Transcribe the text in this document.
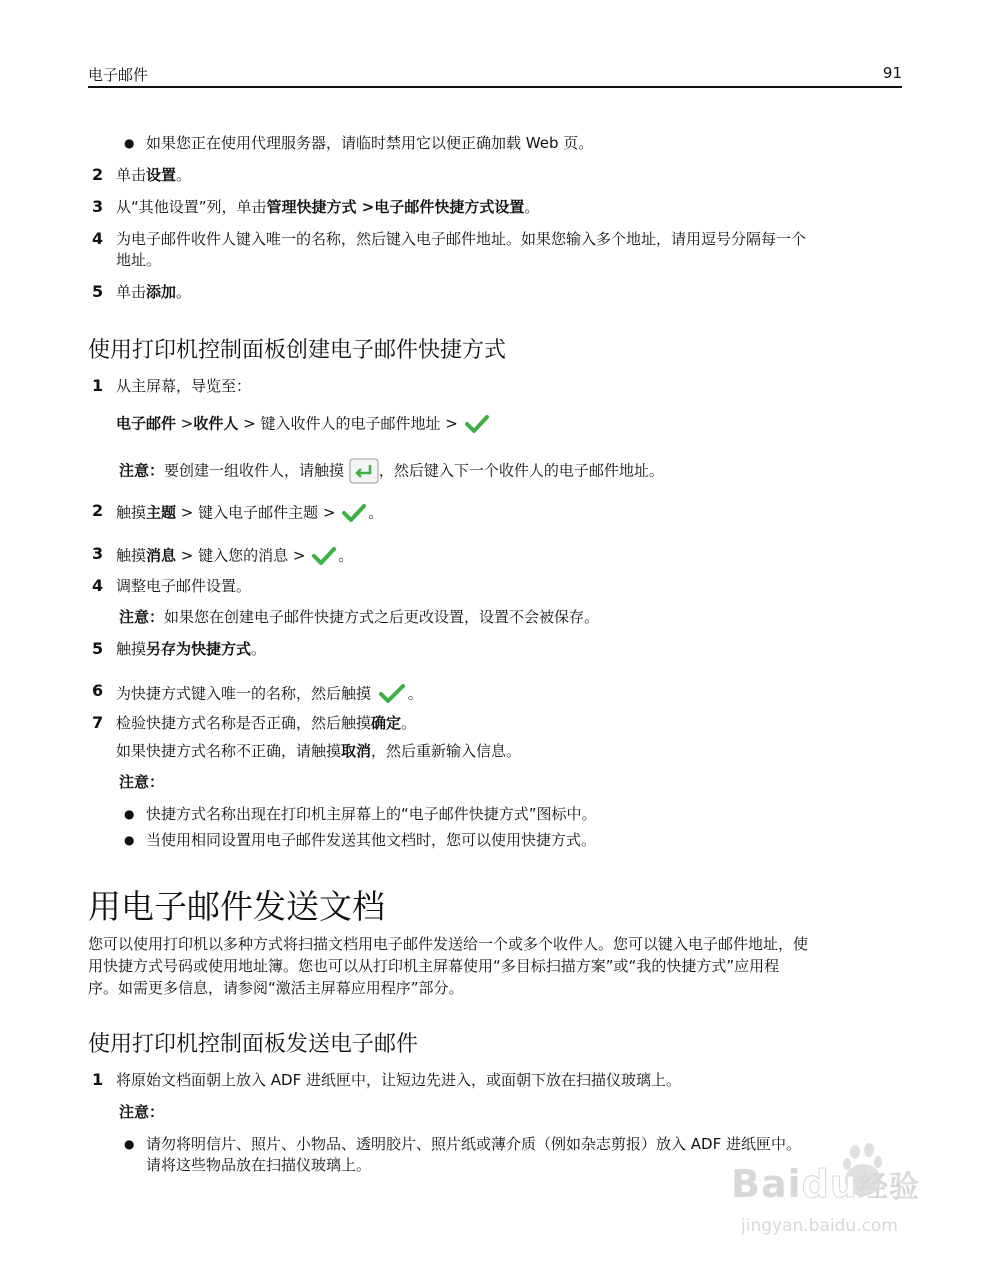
电子邮件	91
● 如果您正在使用代理服务器，请临时禁用它以便正确加载 Web 页。
2 单击设置。
3 从“其他设置”列，单击管理快捷方式 >电子邮件快捷方式设置。
4 为电子邮件收件人键入唯一的名称，然后键入电子邮件地址。如果您输入多个地址，请用逗号分隔每一个
地址。
5 单击添加。
使用打印机控制面板创建电子邮件快捷方式
1 从主屏幕，导览至：
电子邮件 >收件人 > 键入收件人的电子邮件地址 >
注意：要创建一组收件人，请触摸 ，然后键入下一个收件人的电子邮件地址。
2 触摸主题 > 键入电子邮件主题 > 。
3 触摸消息 > 键入您的消息 > 。
4 调整电子邮件设置。
注意：如果您在创建电子邮件快捷方式之后更改设置，设置不会被保存。
5 触摸另存为快捷方式。
6 为快捷方式键入唯一的名称，然后触摸 。
7 检验快捷方式名称是否正确，然后触摸确定。
如果快捷方式名称不正确，请触摸取消，然后重新输入信息。
注意：
● 快捷方式名称出现在打印机主屏幕上的“电子邮件快捷方式”图标中。
● 当使用相同设置用电子邮件发送其他文档时，您可以使用快捷方式。
用电子邮件发送文档
您可以使用打印机以多种方式将扫描文档用电子邮件发送给一个或多个收件人。您可以键入电子邮件地址，使
用快捷方式号码或使用地址簿。您也可以从打印机主屏幕使用“多目标扫描方案”或“我的快捷方式”应用程
序。如需更多信息，请参阅“激活主屏幕应用程序”部分。
使用打印机控制面板发送电子邮件
1 将原始文档面朝上放入 ADF 进纸匣中，让短边先进入，或面朝下放在扫描仪玻璃上。
注意：
● 请勿将明信片、照片、小物品、透明胶片、照片纸或薄介质（例如杂志剪报）放入 ADF 进纸匣中。
请将这些物品放在扫描仪玻璃上。	Baidu经验
jingyan.baidu.com
